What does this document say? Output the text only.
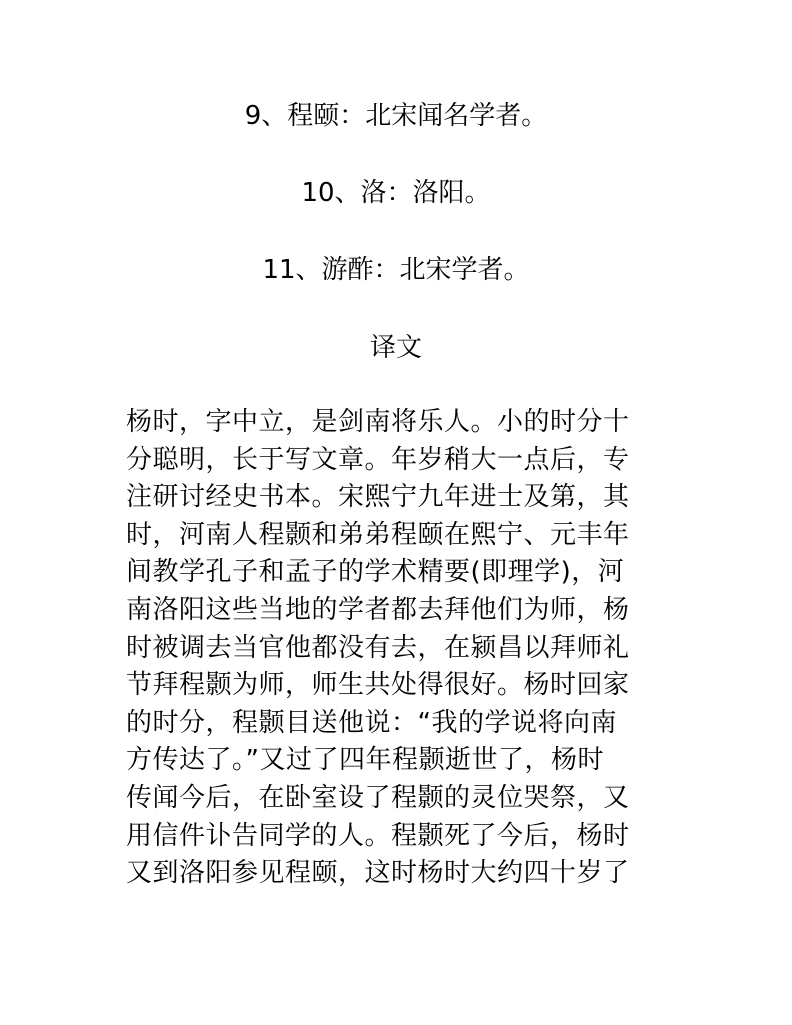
9、程颐：北宋闻名学者。
10、洛：洛阳。
11、游酢：北宋学者。
译文
杨时，字中立，是剑南将乐人。小的时分十
分聪明，长于写文章。年岁稍大一点后，专
注研讨经史书本。宋熙宁九年进士及第，其
时，河南人程颢和弟弟程颐在熙宁、元丰年
间教学孔子和孟子的学术精要(即理学)，河
南洛阳这些当地的学者都去拜他们为师，杨
时被调去当官他都没有去，在颍昌以拜师礼
节拜程颢为师，师生共处得很好。杨时回家
的时分，程颢目送他说：“我的学说将向南
方传达了。”又过了四年程颢逝世了，杨时
传闻今后，在卧室设了程颢的灵位哭祭，又
用信件讣告同学的人。程颢死了今后，杨时
又到洛阳参见程颐，这时杨时大约四十岁了
